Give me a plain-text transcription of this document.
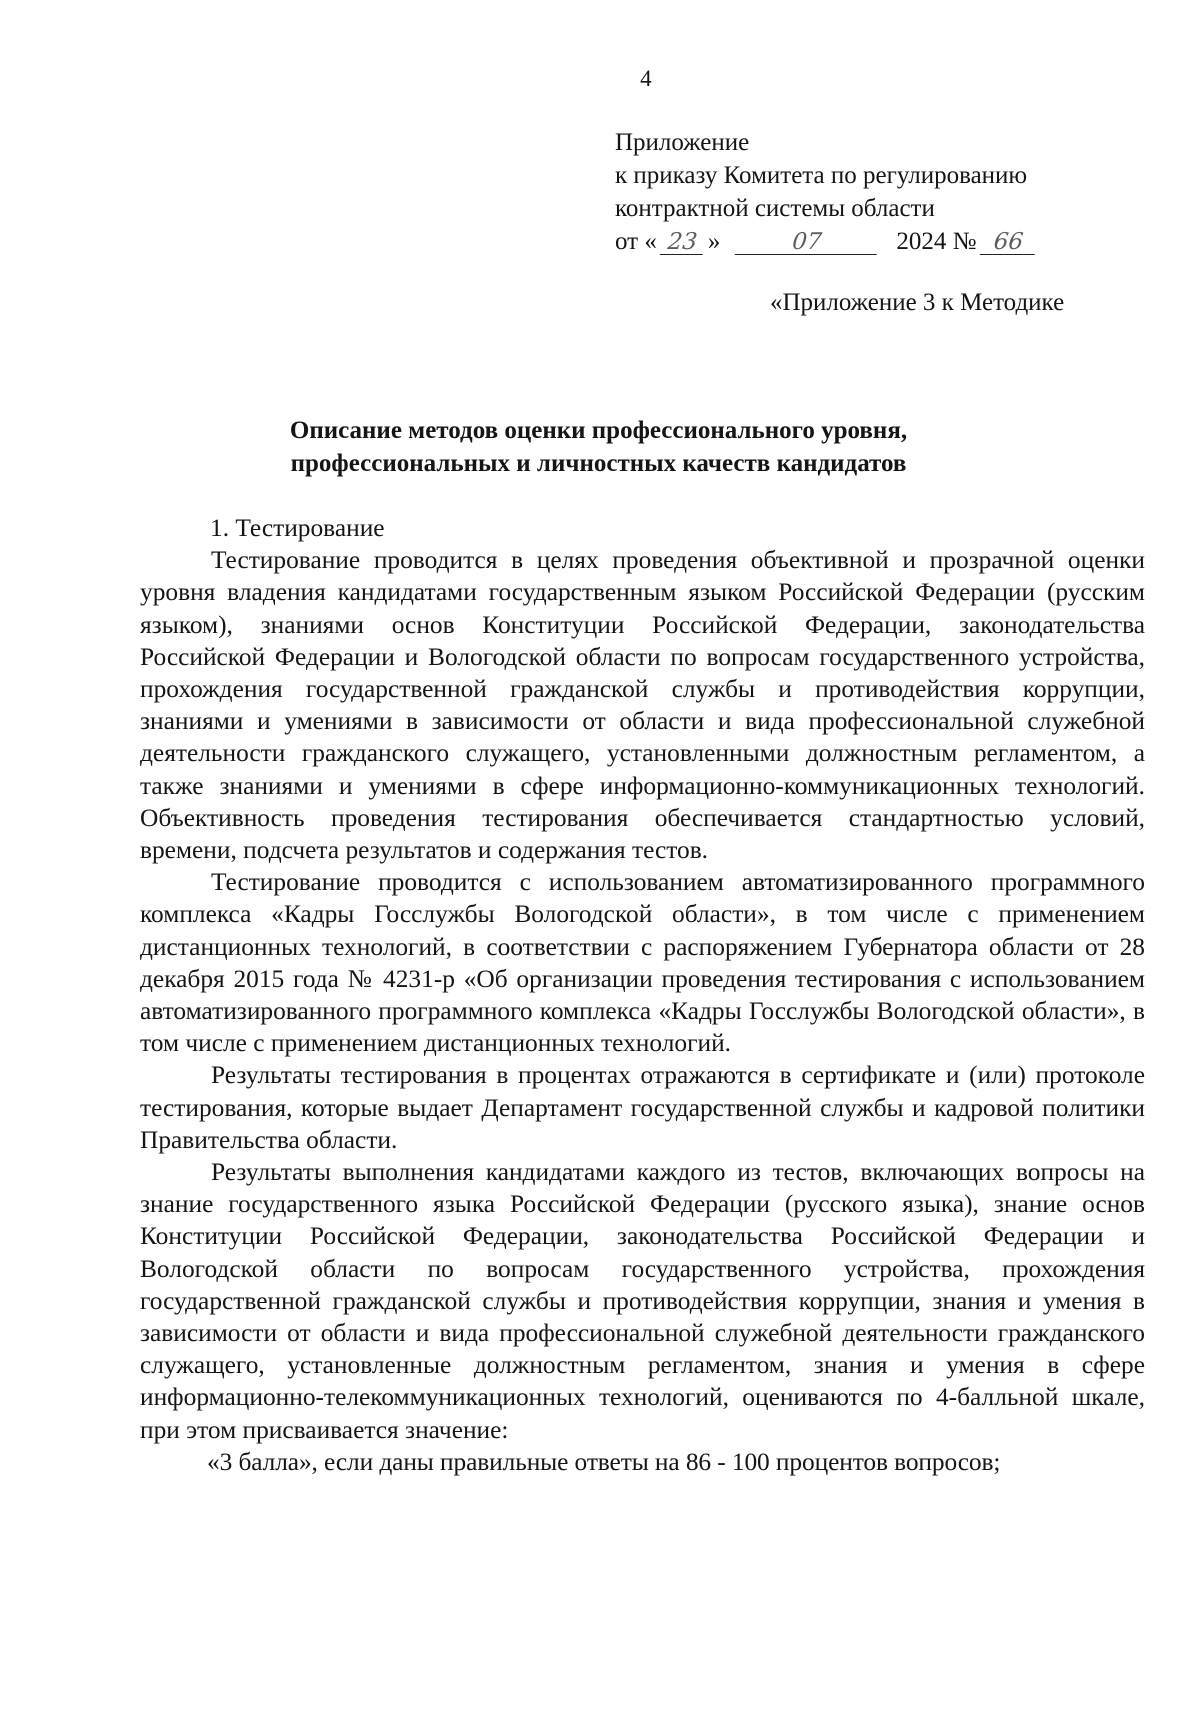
4
Приложение
к приказу Комитета по регулированию
контрактной системы области
от « 23 »	07	2024 № 66
«Приложение 3 к Методике
Описание методов оценки профессионального уровня,
профессиональных и личностных качеств кандидатов

1. Тестирование

Тестирование проводится в целях проведения объективной и прозрачной оценки уровня владения кандидатами государственным языком Российской Федерации (русским языком), знаниями основ Конституции Российской Федерации, законодательства Российской Федерации и Вологодской области по вопросам государственного устройства, прохождения государственной гражданской службы и противодействия коррупции, знаниями и умениями в зависимости от области и вида профессиональной служебной деятельности гражданского служащего, установленными должностным регламентом, а также знаниями и умениями в сфере информационно-коммуникационных технологий. Объективность проведения тестирования обеспечивается стандартностью условий, времени, подсчета результатов и содержания тестов.

Тестирование проводится с использованием автоматизированного программного комплекса «Кадры Госслужбы Вологодской области», в том числе с применением дистанционных технологий, в соответствии с распоряжением Губернатора области от 28 декабря 2015 года № 4231-р «Об организации проведения тестирования с использованием автоматизированного программного комплекса «Кадры Госслужбы Вологодской области», в том числе с применением дистанционных технологий.

Результаты тестирования в процентах отражаются в сертификате и (или) протоколе тестирования, которые выдает Департамент государственной службы и кадровой политики Правительства области.

Результаты выполнения кандидатами каждого из тестов, включающих вопросы на знание государственного языка Российской Федерации (русского языка), знание основ Конституции Российской Федерации, законодательства Российской Федерации и Вологодской области по вопросам государственного устройства, прохождения государственной гражданской службы и противодействия коррупции, знания и умения в зависимости от области и вида профессиональной служебной деятельности гражданского служащего, установленные должностным регламентом, знания и умения в сфере информационно-телекоммуникационных технологий, оцениваются по 4-балльной шкале, при этом присваивается значение:

«3 балла», если даны правильные ответы на 86 - 100 процентов вопросов;
